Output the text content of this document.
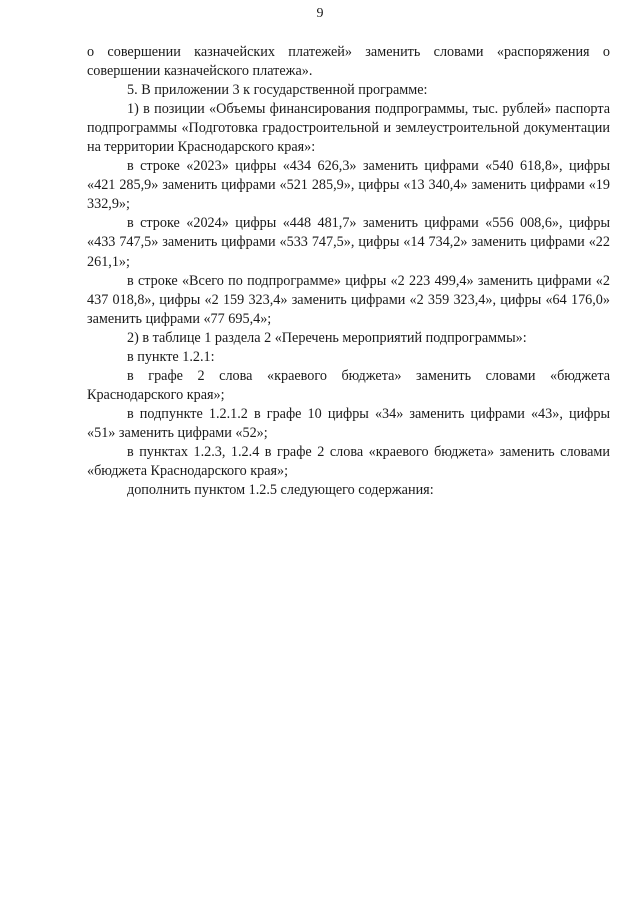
9

о совершении казначейских платежей» заменить словами «распоряжения о совершении казначейского платежа».

5. В приложении 3 к государственной программе:

1) в позиции «Объемы финансирования подпрограммы, тыс. рублей» паспорта подпрограммы «Подготовка градостроительной и землеустроительной документации на территории Краснодарского края»:

в строке «2023» цифры «434 626,3» заменить цифрами «540 618,8», цифры «421 285,9» заменить цифрами «521 285,9», цифры «13 340,4» заменить цифрами «19 332,9»;

в строке «2024» цифры «448 481,7» заменить цифрами «556 008,6», цифры «433 747,5» заменить цифрами «533 747,5», цифры «14 734,2» заменить цифрами «22 261,1»;

в строке «Всего по подпрограмме» цифры «2 223 499,4» заменить цифрами «2 437 018,8», цифры «2 159 323,4» заменить цифрами «2 359 323,4», цифры «64 176,0» заменить цифрами «77 695,4»;

2) в таблице 1 раздела 2 «Перечень мероприятий подпрограммы»:

в пункте 1.2.1:

в графе 2 слова «краевого бюджета» заменить словами «бюджета Краснодарского края»;

в подпункте 1.2.1.2 в графе 10 цифры «34» заменить цифрами «43», цифры «51» заменить цифрами «52»;

в пунктах 1.2.3, 1.2.4 в графе 2 слова «краевого бюджета» заменить словами «бюджета Краснодарского края»;

дополнить пунктом 1.2.5 следующего содержания:
